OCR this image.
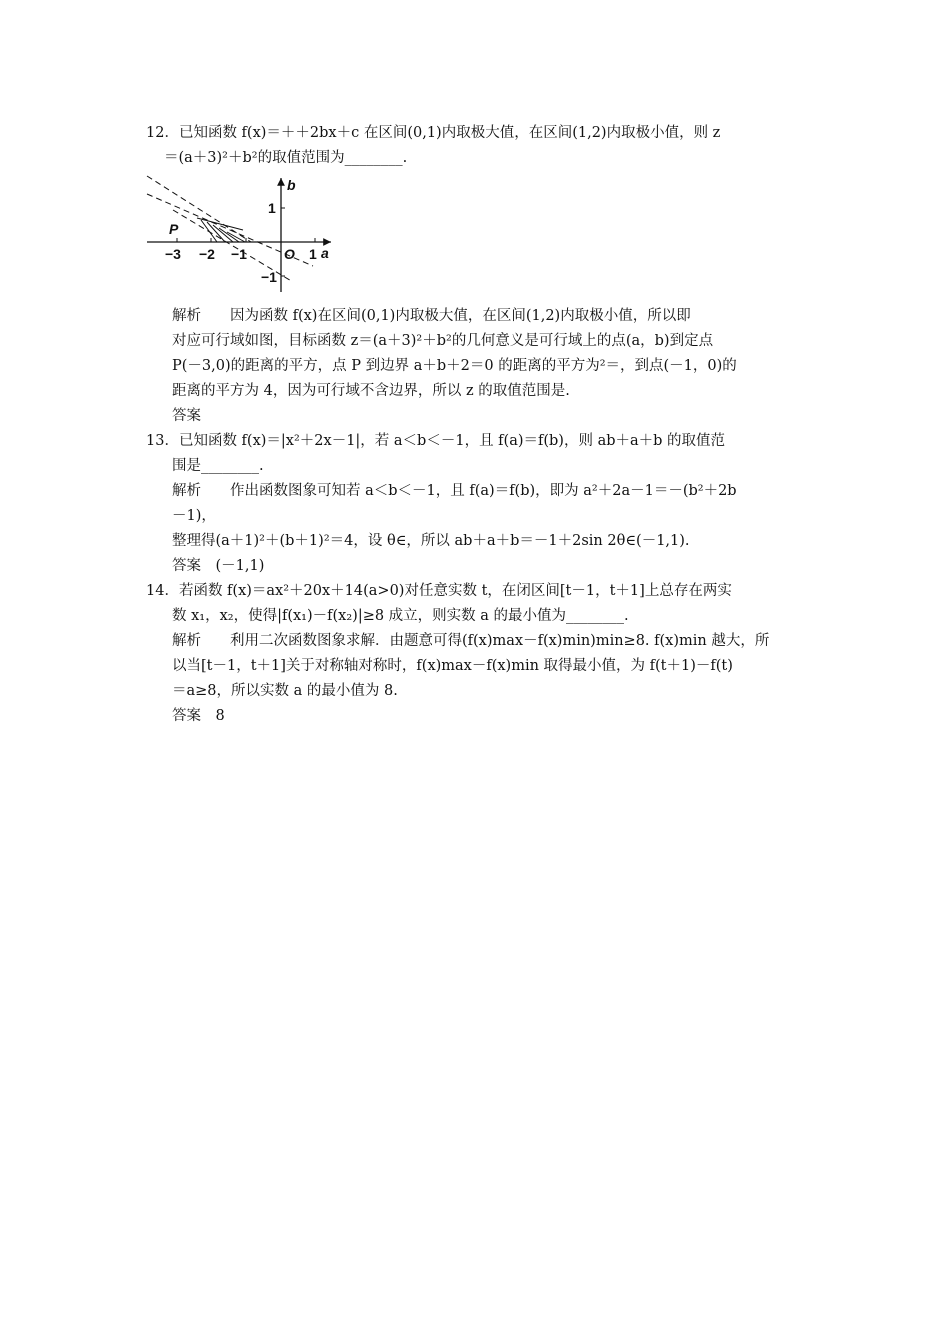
12．已知函数 f(x)＝＋＋2bx＋c 在区间(0,1)内取极大值，在区间(1,2)内取极小值，则 z
＝(a＋3)²＋b²的取值范围为________.
b
a
P
O
1
−1
−3 −2 −1	1
解析　　因为函数 f(x)在区间(0,1)内取极大值，在区间(1,2)内取极小值，所以即
对应可行域如图，目标函数 z＝(a＋3)²＋b²的几何意义是可行域上的点(a，b)到定点
P(－3,0)的距离的平方，点 P 到边界 a＋b＋2＝0 的距离的平方为²＝，到点(－1，0)的
距离的平方为 4，因为可行域不含边界，所以 z 的取值范围是.
答案
13．已知函数 f(x)＝|x²＋2x－1|，若 a＜b＜－1，且 f(a)＝f(b)，则 ab＋a＋b 的取值范
围是________.
解析　　作出函数图象可知若 a＜b＜－1，且 f(a)＝f(b)，即为 a²＋2a－1＝－(b²＋2b
－1)，
整理得(a＋1)²＋(b＋1)²＝4，设 θ∈，所以 ab＋a＋b＝－1＋2sin 2θ∈(－1,1).
答案　(－1,1)
14．若函数 f(x)＝ax²＋20x＋14(a>0)对任意实数 t，在闭区间[t－1，t＋1]上总存在两实
数 x₁，x₂，使得|f(x₁)－f(x₂)|≥8 成立，则实数 a 的最小值为________.
解析　　利用二次函数图象求解．由题意可得(f(x)max－f(x)min)min≥8. f(x)min 越大，所
以当[t－1，t＋1]关于对称轴对称时，f(x)max－f(x)min 取得最小值，为 f(t＋1)－f(t)
＝a≥8，所以实数 a 的最小值为 8.
答案　8
